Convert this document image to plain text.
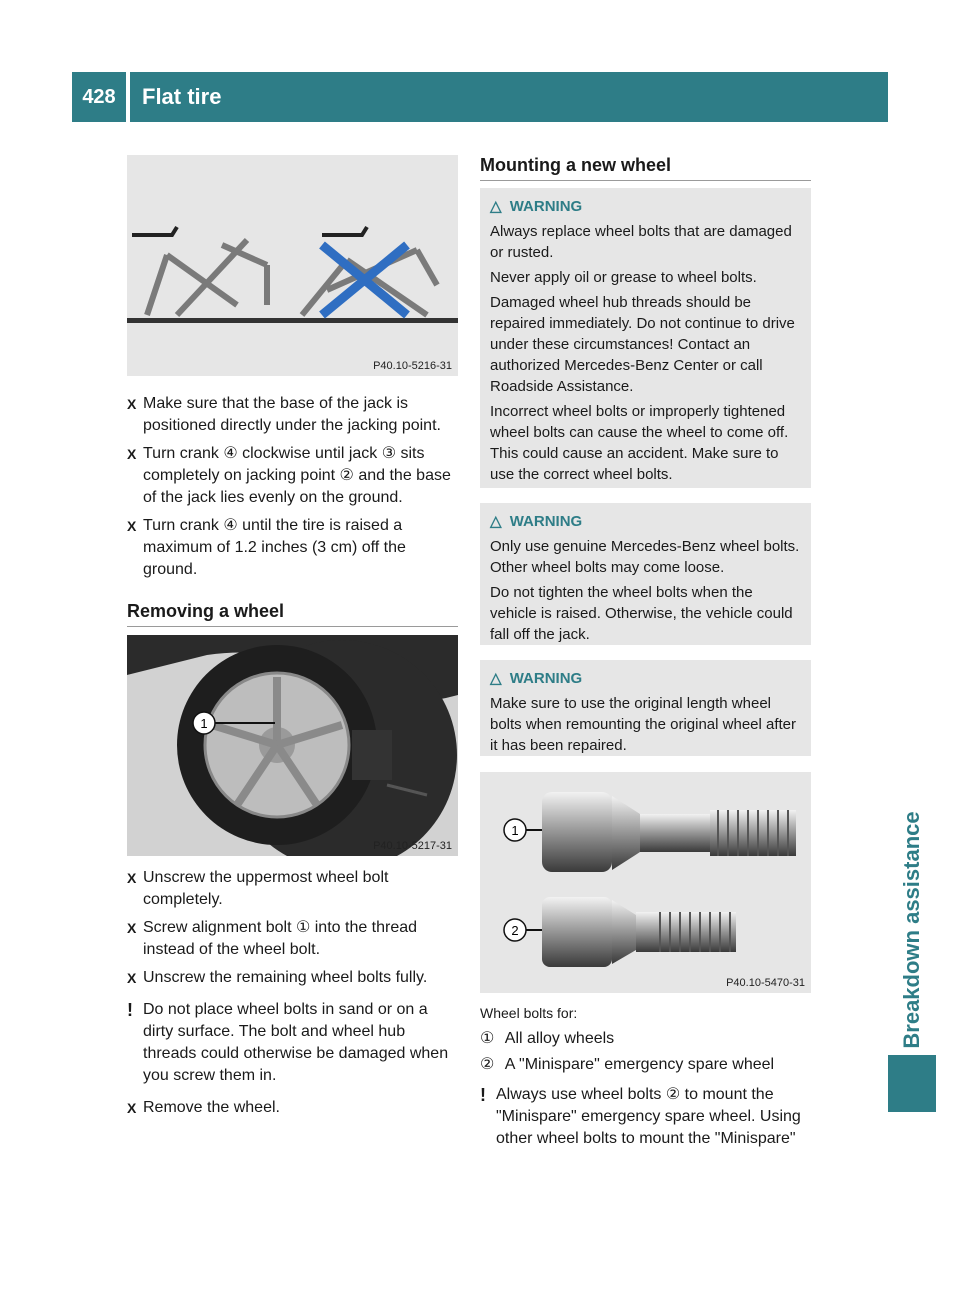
428	Flat tire
Breakdown assistance
P40.10-5216-31
X Make sure that the base of the jack is positioned directly under the jacking point.
X Turn crank ④ clockwise until jack ③ sits completely on jacking point ② and the base of the jack lies evenly on the ground.
X Turn crank ④ until the tire is raised a maximum of 1.2 inches (3 cm) off the ground.
Removing a wheel
1
P40.10-5217-31
X Unscrew the uppermost wheel bolt completely.
X Screw alignment bolt ① into the thread instead of the wheel bolt.
X Unscrew the remaining wheel bolts fully.
! Do not place wheel bolts in sand or on a dirty surface. The bolt and wheel hub threads could otherwise be damaged when you screw them in.
X Remove the wheel.
Mounting a new wheel
△ WARNING

Always replace wheel bolts that are damaged or rusted.

Never apply oil or grease to wheel bolts.

Damaged wheel hub threads should be repaired immediately. Do not continue to drive under these circumstances! Contact an authorized Mercedes-Benz Center or call Roadside Assistance.

Incorrect wheel bolts or improperly tightened wheel bolts can cause the wheel to come off. This could cause an accident. Make sure to use the correct wheel bolts.

△ WARNING

Only use genuine Mercedes-Benz wheel bolts. Other wheel bolts may come loose.

Do not tighten the wheel bolts when the vehicle is raised. Otherwise, the vehicle could fall off the jack.

△ WARNING

Make sure to use the original length wheel bolts when remounting the original wheel after it has been repaired.

1
2
P40.10-5470-31
Wheel bolts for:
① All alloy wheels
② A "Minispare" emergency spare wheel
! Always use wheel bolts ② to mount the "Minispare" emergency spare wheel. Using other wheel bolts to mount the "Minispare"
